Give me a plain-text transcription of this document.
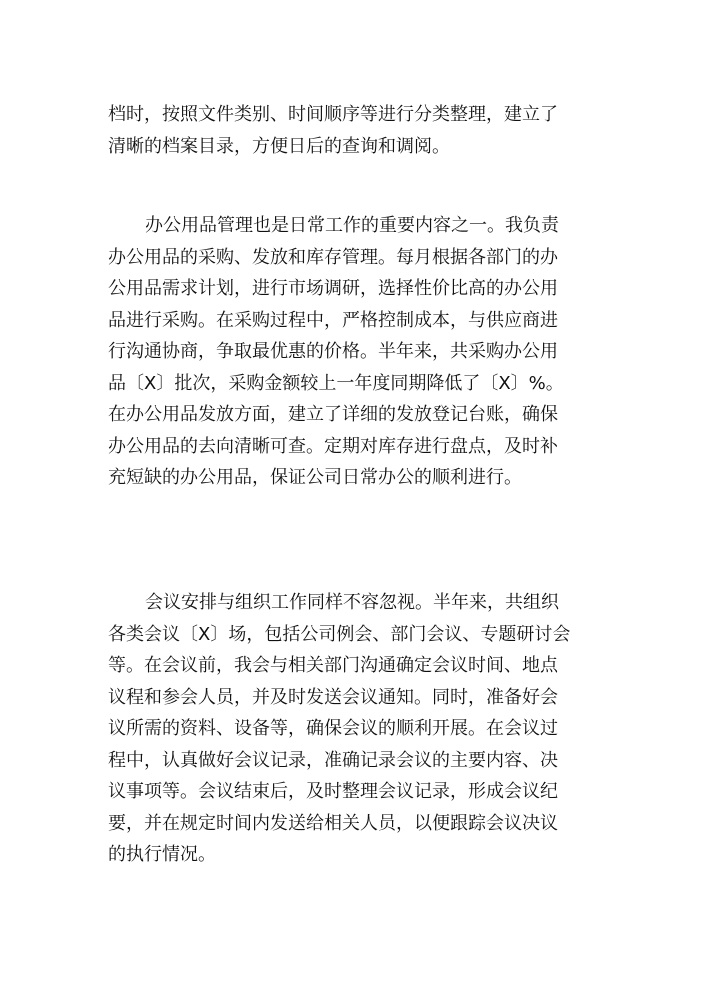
档时，按照文件类别、时间顺序等进行分类整理，建立了
清晰的档案目录，方便日后的查询和调阅。

办公用品管理也是日常工作的重要内容之一。我负责
办公用品的采购、发放和库存管理。每月根据各部门的办
公用品需求计划，进行市场调研，选择性价比高的办公用
品进行采购。在采购过程中，严格控制成本，与供应商进
行沟通协商，争取最优惠的价格。半年来，共采购办公用
品〔X〕批次，采购金额较上一年度同期降低了〔X〕%。
在办公用品发放方面，建立了详细的发放登记台账，确保
办公用品的去向清晰可查。定期对库存进行盘点，及时补
充短缺的办公用品，保证公司日常办公的顺利进行。

会议安排与组织工作同样不容忽视。半年来，共组织
各类会议〔X〕场，包括公司例会、部门会议、专题研讨会
等。在会议前，我会与相关部门沟通确定会议时间、地点
议程和参会人员，并及时发送会议通知。同时，准备好会
议所需的资料、设备等，确保会议的顺利开展。在会议过
程中，认真做好会议记录，准确记录会议的主要内容、决
议事项等。会议结束后，及时整理会议记录，形成会议纪
要，并在规定时间内发送给相关人员，以便跟踪会议决议
的执行情况。
